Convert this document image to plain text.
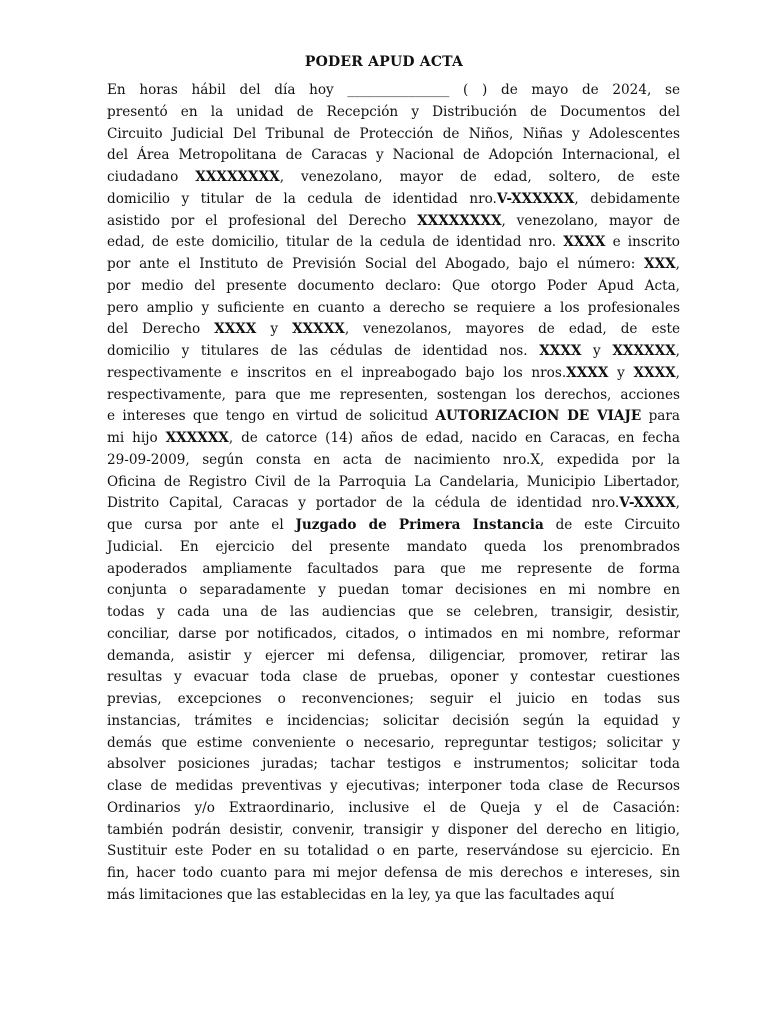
PODER APUD ACTA
En horas hábil del día hoy _______________ ( ) de mayo de 2024, se
presentó en la unidad de Recepción y Distribución de Documentos del
Circuito Judicial Del Tribunal de Protección de Niños, Niñas y Adolescentes
del Área Metropolitana de Caracas y Nacional de Adopción Internacional, el
ciudadano XXXXXXXX, venezolano, mayor de edad, soltero, de este
domicilio y titular de la cedula de identidad nro.V-XXXXXX, debidamente
asistido por el profesional del Derecho XXXXXXXX, venezolano, mayor de
edad, de este domicilio, titular de la cedula de identidad nro. XXXX e inscrito
por ante el Instituto de Previsión Social del Abogado, bajo el número: XXX,
por medio del presente documento declaro: Que otorgo Poder Apud Acta,
pero amplio y suficiente en cuanto a derecho se requiere a los profesionales
del Derecho XXXX y XXXXX, venezolanos, mayores de edad, de este
domicilio y titulares de las cédulas de identidad nos. XXXX y XXXXXX,
respectivamente e inscritos en el inpreabogado bajo los nros.XXXX y XXXX,
respectivamente, para que me representen, sostengan los derechos, acciones
e intereses que tengo en virtud de solicitud AUTORIZACION DE VIAJE para
mi hijo XXXXXX, de catorce (14) años de edad, nacido en Caracas, en fecha
29-09-2009, según consta en acta de nacimiento nro.X, expedida por la
Oficina de Registro Civil de la Parroquia La Candelaria, Municipio Libertador,
Distrito Capital, Caracas y portador de la cédula de identidad nro.V-XXXX,
que cursa por ante el Juzgado de Primera Instancia de este Circuito
Judicial. En ejercicio del presente mandato queda los prenombrados
apoderados ampliamente facultados para que me represente de forma
conjunta o separadamente y puedan tomar decisiones en mi nombre en
todas y cada una de las audiencias que se celebren, transigir, desistir,
conciliar, darse por notificados, citados, o intimados en mi nombre, reformar
demanda, asistir y ejercer mi defensa, diligenciar, promover, retirar las
resultas y evacuar toda clase de pruebas, oponer y contestar cuestiones
previas, excepciones o reconvenciones; seguir el juicio en todas sus
instancias, trámites e incidencias; solicitar decisión según la equidad y
demás que estime conveniente o necesario, repreguntar testigos; solicitar y
absolver posiciones juradas; tachar testigos e instrumentos; solicitar toda
clase de medidas preventivas y ejecutivas; interponer toda clase de Recursos
Ordinarios y/o Extraordinario, inclusive el de Queja y el de Casación:
también podrán desistir, convenir, transigir y disponer del derecho en litigio,
Sustituir este Poder en su totalidad o en parte, reservándose su ejercicio. En
fin, hacer todo cuanto para mi mejor defensa de mis derechos e intereses, sin
más limitaciones que las establecidas en la ley, ya que las facultades aquí
